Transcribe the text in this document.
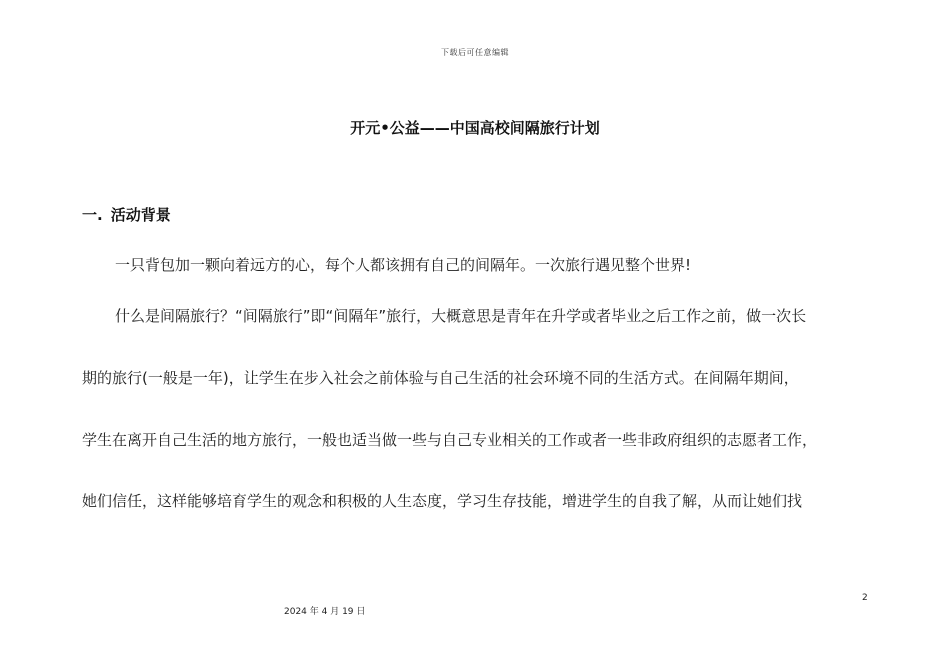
下载后可任意编辑
开元•公益——中国高校间隔旅行计划
一. 活动背景
一只背包加一颗向着远方的心，每个人都该拥有自己的间隔年。一次旅行遇见整个世界!
什么是间隔旅行？“间隔旅行”即“间隔年”旅行，大概意思是青年在升学或者毕业之后工作之前，做一次长
期的旅行(一般是一年)，让学生在步入社会之前体验与自己生活的社会环境不同的生活方式。在间隔年期间，
学生在离开自己生活的地方旅行，一般也适当做一些与自己专业相关的工作或者一些非政府组织的志愿者工作，
她们信任，这样能够培育学生的观念和积极的人生态度，学习生存技能，增进学生的自我了解，从而让她们找
2
2024 年 4 月 19 日
